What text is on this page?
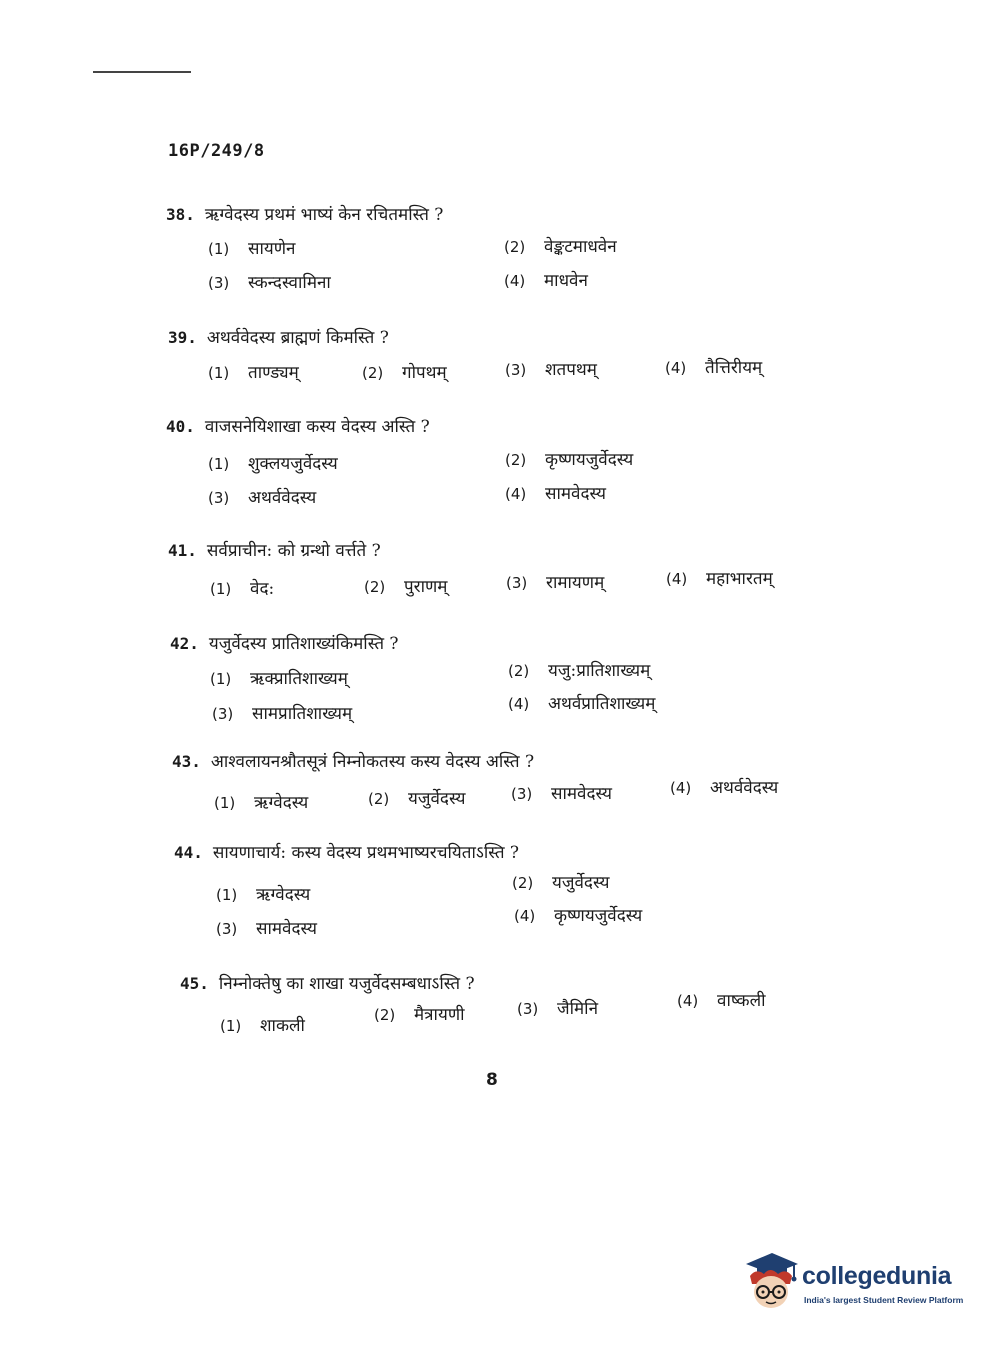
16P/249/8
38. ऋग्वेदस्य प्रथमं भाष्यं केन रचितमस्ति ?
(1) सायणेन	(2) वेङ्कटमाधवेन
(3) स्कन्दस्वामिना	(4) माधवेन
39. अथर्ववेदस्य ब्राह्मणं किमस्ति ?
(1) ताण्ड्यम्	(2) गोपथम्	(3) शतपथम्	(4) तैत्तिरीयम्
40. वाजसनेयिशाखा कस्य वेदस्य अस्ति ?
(1) शुक्लयजुर्वेदस्य	(2) कृष्णयजुर्वेदस्य
(3) अथर्ववेदस्य	(4) सामवेदस्य
41. सर्वप्राचीन: को ग्रन्थो वर्त्तते ?
(1) वेद:	(2) पुराणम्	(3) रामायणम्	(4) महाभारतम्
42. यजुर्वेदस्य प्रातिशाख्यंकिमस्ति ?
(1) ऋक्प्रातिशाख्यम्	(2) यजु:प्रातिशाख्यम्
(3) सामप्रातिशाख्यम्	(4) अथर्वप्रातिशाख्यम्
43. आश्वलायनश्रौतसूत्रं निम्नोकतस्य कस्य वेदस्य अस्ति ?
(1) ऋग्वेदस्य	(2) यजुर्वेदस्य	(3) सामवेदस्य	(4) अथर्ववेदस्य
44. सायणाचार्य: कस्य वेदस्य प्रथमभाष्यरचयिताऽस्ति ?
(1) ऋग्वेदस्य
(2) यजुर्वेदस्य
(3) सामवेदस्य
(4) कृष्णयजुर्वेदस्य
45. निम्नोक्तेषु का शाखा यजुर्वेदसम्बधाऽस्ति ?
(1) शाकली
(2) मैत्रायणी	(3) जैमिनि	(4) वाष्कली
8
collegedunia
India's largest Student Review Platform
